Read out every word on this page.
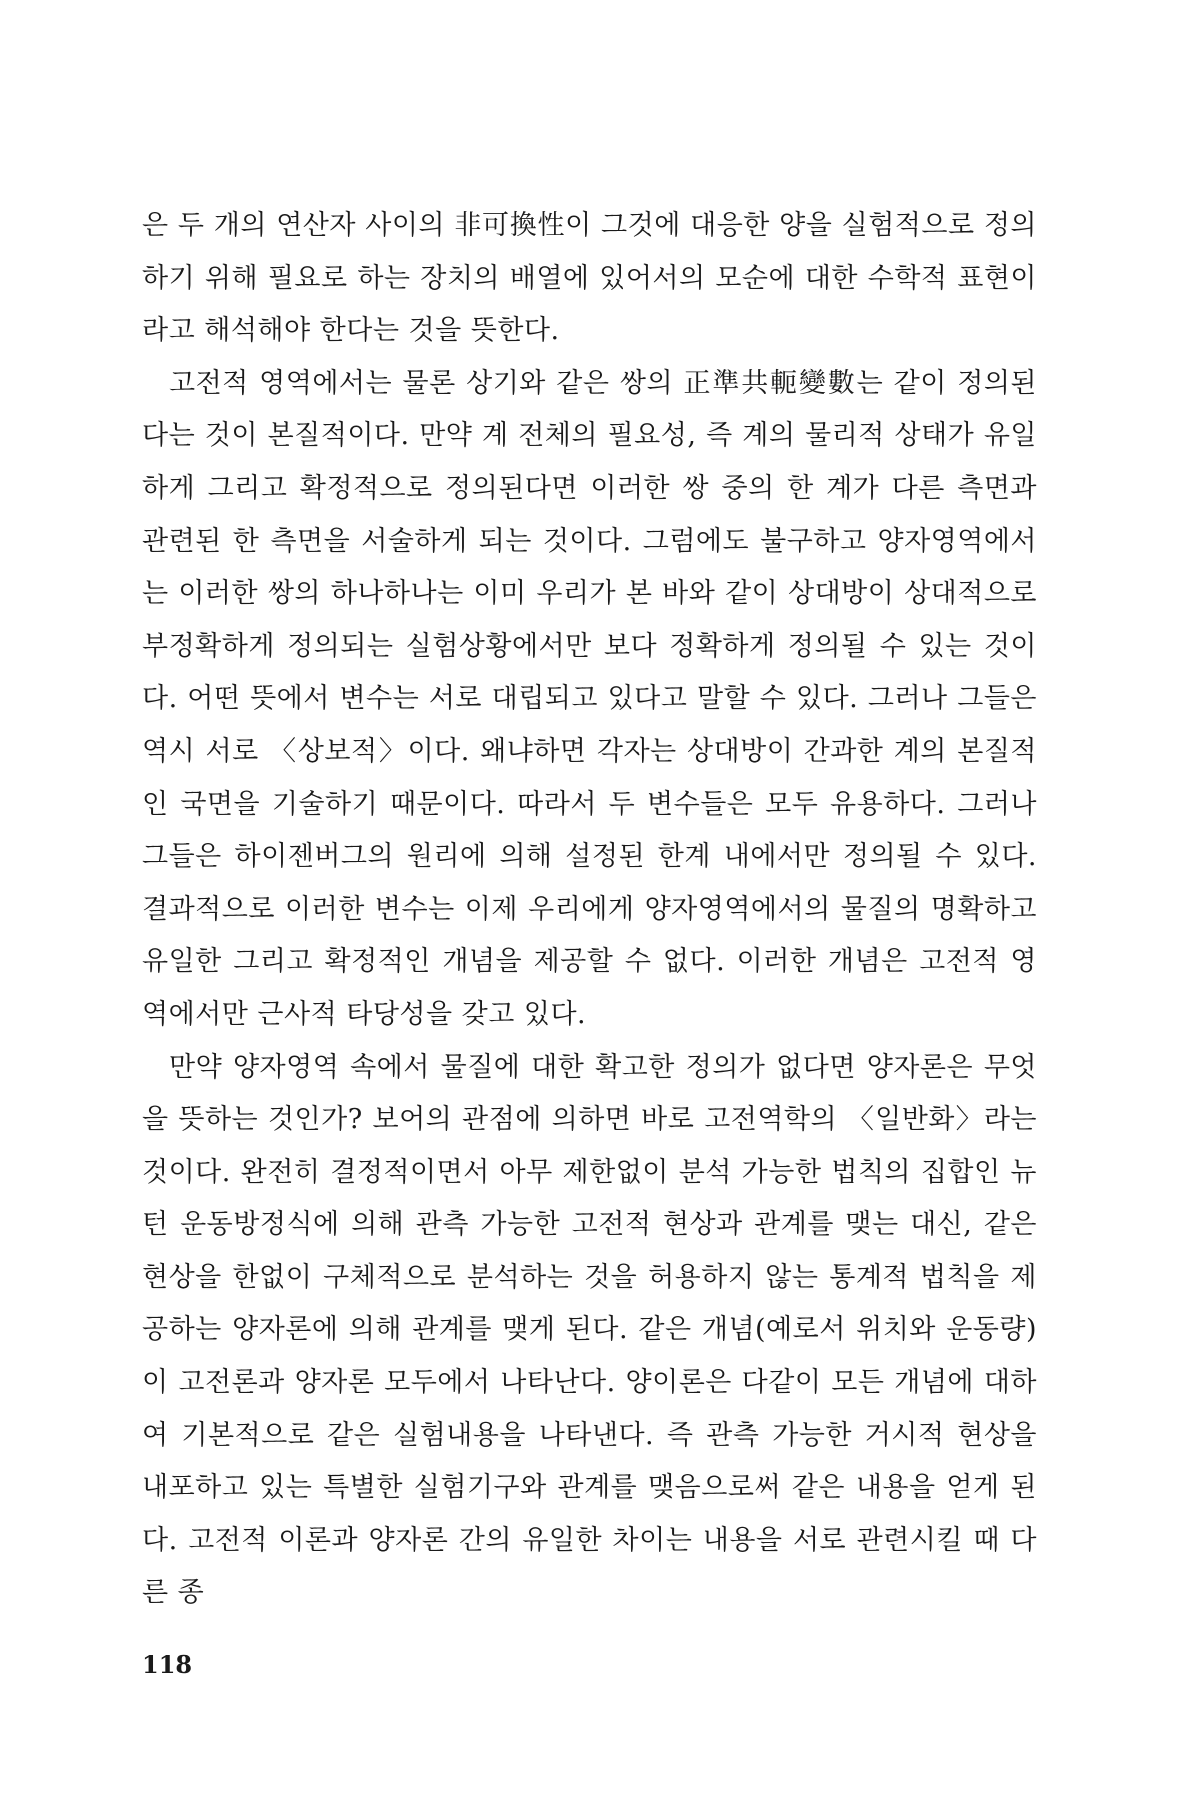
은 두 개의 연산자 사이의 非可換性이 그것에 대응한 양을 실험적으로 정의하기 위해 필요로 하는 장치의 배열에 있어서의 모순에 대한 수학적 표현이라고 해석해야 한다는 것을 뜻한다.

고전적 영역에서는 물론 상기와 같은 쌍의 正準共軛變數는 같이 정의된다는 것이 본질적이다. 만약 계 전체의 필요성, 즉 계의 물리적 상태가 유일하게 그리고 확정적으로 정의된다면 이러한 쌍 중의 한 계가 다른 측면과 관련된 한 측면을 서술하게 되는 것이다. 그럼에도 불구하고 양자영역에서는 이러한 쌍의 하나하나는 이미 우리가 본 바와 같이 상대방이 상대적으로 부정확하게 정의되는 실험상황에서만 보다 정확하게 정의될 수 있는 것이다. 어떤 뜻에서 변수는 서로 대립되고 있다고 말할 수 있다. 그러나 그들은 역시 서로 〈상보적〉이다. 왜냐하면 각자는 상대방이 간과한 계의 본질적인 국면을 기술하기 때문이다. 따라서 두 변수들은 모두 유용하다. 그러나 그들은 하이젠버그의 원리에 의해 설정된 한계 내에서만 정의될 수 있다. 결과적으로 이러한 변수는 이제 우리에게 양자영역에서의 물질의 명확하고 유일한 그리고 확정적인 개념을 제공할 수 없다. 이러한 개념은 고전적 영역에서만 근사적 타당성을 갖고 있다.

만약 양자영역 속에서 물질에 대한 확고한 정의가 없다면 양자론은 무엇을 뜻하는 것인가? 보어의 관점에 의하면 바로 고전역학의 〈일반화〉라는 것이다. 완전히 결정적이면서 아무 제한없이 분석 가능한 법칙의 집합인 뉴턴 운동방정식에 의해 관측 가능한 고전적 현상과 관계를 맺는 대신, 같은 현상을 한없이 구체적으로 분석하는 것을 허용하지 않는 통계적 법칙을 제공하는 양자론에 의해 관계를 맺게 된다. 같은 개념(예로서 위치와 운동량)이 고전론과 양자론 모두에서 나타난다. 양이론은 다같이 모든 개념에 대하여 기본적으로 같은 실험내용을 나타낸다. 즉 관측 가능한 거시적 현상을 내포하고 있는 특별한 실험기구와 관계를 맺음으로써 같은 내용을 얻게 된다. 고전적 이론과 양자론 간의 유일한 차이는 내용을 서로 관련시킬 때 다른 종

118
